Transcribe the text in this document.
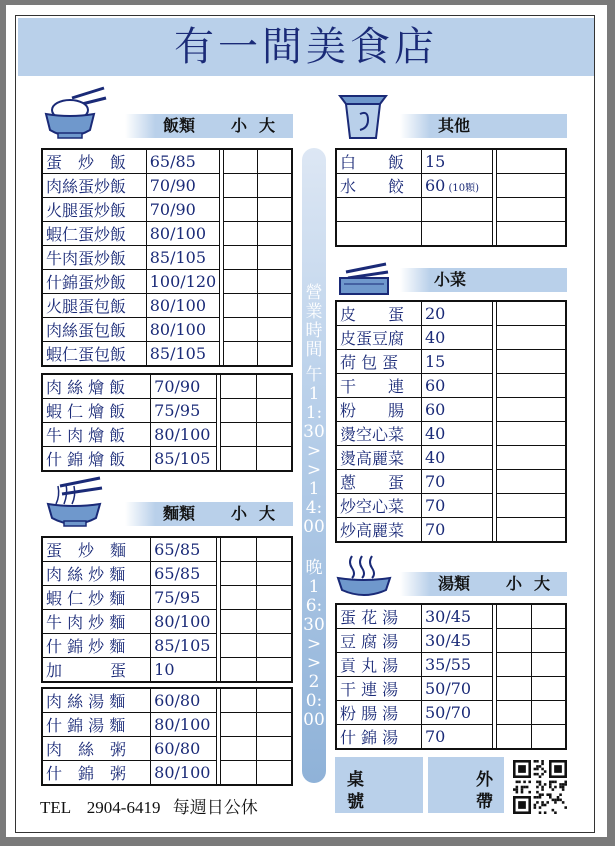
有一間美食店
飯類 小 大
蛋　炒　飯	65/85			
肉絲蛋炒飯	70/90			
火腿蛋炒飯	70/90			
蝦仁蛋炒飯	80/100			
牛肉蛋炒飯	85/105			
什錦蛋炒飯	100/120			
火腿蛋包飯	80/100			
肉絲蛋包飯	80/100			
蝦仁蛋包飯	85/105			
肉 絲 燴 飯	70/90			
蝦 仁 燴 飯	75/95			
牛 肉 燴 飯	80/100			
什 錦 燴 飯	85/105			
麵類 小 大
蛋　炒　麵	65/85			
肉 絲 炒 麵	65/85			
蝦 仁 炒 麵	75/95			
牛 肉 炒 麵	80/100			
什 錦 炒 麵	85/105			
加　　　蛋	10			
肉 絲 湯 麵	60/80			
什 錦 湯 麵	80/100			
肉　絲　粥	60/80			
什　錦　粥	80/100			
營業時間
午11:30>>14:00
晚16:30>>20:00
其他
白　　飯	15		
水　　餃	60 (10顆)		

小菜
皮　　蛋	20		
皮蛋豆腐	40		
荷 包 蛋	15		
干　　連	60		
粉　　腸	60		
燙空心菜	40		
燙高麗菜	40		
蔥　　蛋	70		
炒空心菜	70		
炒高麗菜	70		
湯類 小 大
蛋 花 湯	30/45			
豆 腐 湯	30/45			
貢 丸 湯	35/55			
干 連 湯	50/70			
粉 腸 湯	50/70			
什 錦 湯	70			
桌
號
外
帶
TEL 2904-6419 每週日公休
